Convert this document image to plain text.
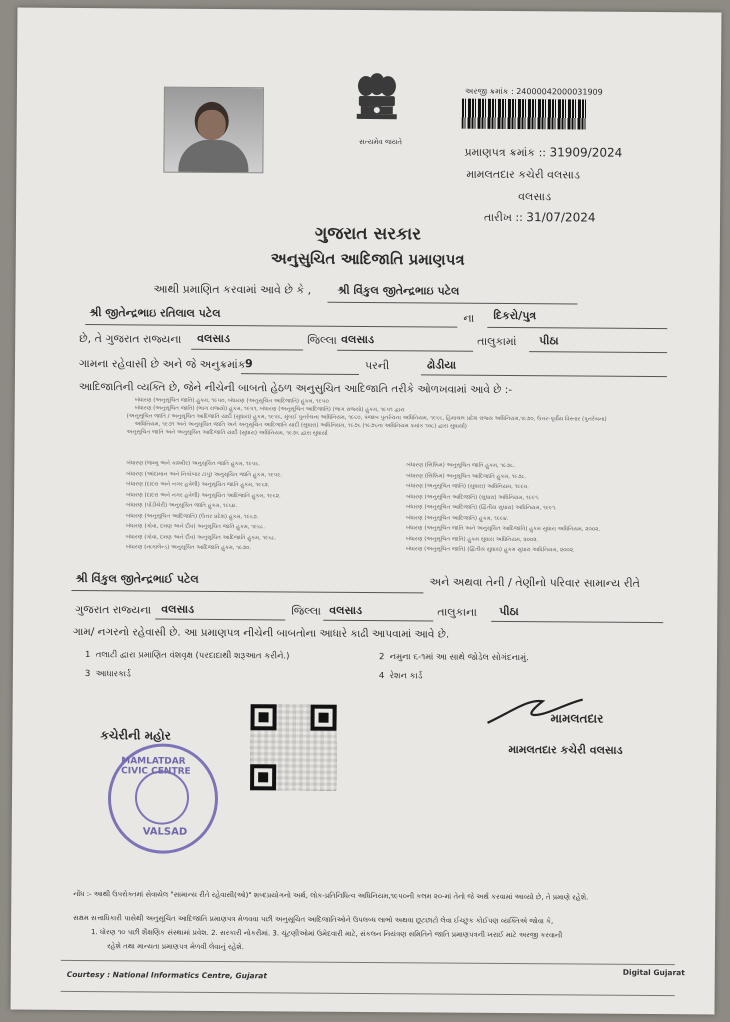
સત્યમેવ જયતે
અરજી ક્રમાંક : 24000042000031909
પ્રમાણપત્ર ક્રમાંક :: 31909/2024
મામલતદાર કચેરી વલસાડ
વલસાડ
તારીખ :: 31/07/2024
ગુજરાત સરકાર
અનુસુચિત આદિજાતિ પ્રમાણપત્ર
આથી પ્રમાણિત કરવામાં આવે છે કે , શ્રી વિંકુલ જીતેન્દ્રભાઇ પટેલ
શ્રી જીતેન્દ્રભાઇ રતિલાલ પટેલ	ના દિકરો/પુત્ર
છે, તે ગુજરાત રાજ્યના વલસાડ	જિલ્લા વલસાડ	તાલુકામાં પીઠા
ગામના રહેવાસી છે અને જે અનુક્રમાંક 9	પરની	ઢોડીયા
આદિજાતિની વ્યક્તિ છે, જેને નીચેની બાબતો હેઠળ અનુસુચિત આદિજાતિ તરીકે ઓળખવામાં આવે છે :-
બંધારણ (અનુસૂચિત જાતિ) હુકમ, ૧૯૫૦, બંધારણ (અનુસૂચિત આદિજાતિ) હુકમ, ૧૯૫૦
બંધારણ (અનુસૂચિત જાતિ) (ભાગ રાજ્યો) હુકમ, ૧૯૫૧, બંધારણ (અનુસૂચિત આદિજાતિ) (ભાગ રાજ્યો) હુકમ, ૧૯૫૧ દ્વારા
(અનુસૂચિત જાતિ / અનુસૂચિત આદિજાતિ યાદી (સુધારા) હુકમ, ૧૯૫૬, મુંબઈ પુનર્રચના અધિનિયમ, ૧૯૬૦, પંજાબ પુનર્રચના અધિનિયમ, ૧૯૬૬, હિમાચલ પ્રદેશ રાજ્ય અધિનિયમ,૧૯૭૦, ઉત્તર-પૂર્વીય વિસ્તાર (પુનર્રચના)
અધિનિયમ, ૧૯૭૧ અને અનુસૂચિત જાતિ અને અનુસૂચિત આદિજાતિ યાદી (સુધારા) અધિનિયમ, ૧૯૭૬ (૧૯૭૬ના અધિનિયમ ક્રમાંક ૧૦૮) દ્વારા સુધાર્યા)
અનુસૂચિત જાતિ અને અનુસૂચિત આદિજાતિ યાદી (સુધારા) અધિનિયમ, ૧૯૭૬ દ્વારા સુધાર્યા
બંધારણ (જમ્મુ અને કાશ્મીર) અનુસૂચિત જાતિ હુકમ, ૧૯૫૬.
બંધારણ (આંદામાન અને નિકોબાર ટાપુ) અનુસૂચિત જાતિ હુકમ, ૧૯૫૯.
બંધારણ (દાદરા અને નગર હવેલી) અનુસૂચિત જાતિ હુકમ, ૧૯૬૨.
બંધારણ (દાદરા અને નગર હવેલી) અનુસૂચિત આદિજાતિ હુકમ, ૧૯૬૨.
બંધારણ (પોંડીચેરી) અનુસૂચિત જાતિ હુકમ, ૧૯૬૪.
બંધારણ (અનુસૂચિત આદિજાતિ) (ઉત્તર પ્રદેશ) હુકમ, ૧૯૬૭.
બંધારણ (ગોવા, દમણ અને દીવ) અનુસૂચિત જાતિ હુકમ, ૧૯૬૮.
બંધારણ (ગોવા, દમણ અને દીવ) અનુસૂચિત આદિજાતિ હુકમ, ૧૯૬૮.
બંધારણ (નાગાલેન્ડ) અનુસૂચિત આદિજાતિ હુકમ, ૧૯૭૦.
બંધારણ (સિક્કિમ) અનુસૂચિત જાતિ હુકમ, ૧૯૭૮.
બંધારણ (સિક્કિમ) અનુસૂચિત આદિજાતિ હુકમ, ૧૯૭૮.
બંધારણ (અનુસૂચિત જાતિ) (સુધારા) અધિનિયમ, ૧૯૯૦.
બંધારણ (અનુસૂચિત આદિજાતિ) (સુધારા) અધિનિયમ, ૧૯૯૧.
બંધારણ (અનુસૂચિત આદિજાતિ) (દ્વિતીય સુધારા) અધિનિયમ, ૧૯૯૧.
બંધારણ (અનુસૂચિત આદિજાતિ) હુકમ, ૧૯૯૪.
બંધારણ (અનુસૂચિત જાતિ અને અનુસૂચિત આદિજાતિ) હુકમ સુધારા અધિનિયમ, ૨૦૦૨.
બંધારણ (અનુસૂચિત જાતિ) હુકમ સુધારા અધિનિયમ, ૨૦૦૨.
બંધારણ (અનુસૂચિત જાતિ) (દ્વિતીય સુધારા) હુકમ સુધારા અધિનિયમ, ૨૦૦૨.
શ્રી વિંકુલ જીતેન્દ્રભાઈ પટેલ	અને અથવા તેની / તેણીનો પરિવાર સામાન્ય રીતે
ગુજરાત રાજ્યના વલસાડ	જિલ્લા વલસાડ	તાલુકાના પીઠા
ગામ/ નગરનો રહેવાસી છે. આ પ્રમાણપત્ર નીચેની બાબતોના આધારે કાઢી આપવામાં આવે છે.
1 તલાટી દ્વારા પ્રમાણિત વંશવૃક્ષ (પરદાદાથી શરૂઆત કરીને.)	2 નમુના ૬-૧માં આ સાથે જોડેલ સોગંદનામું.
3 આધારકાર્ડ	4 રેશન કાર્ડ
કચેરીની મહોર
MAMLATDAR CIVIC CENTRE
VALSAD
મામલતદાર
મામલતદાર કચેરી વલસાડ
નોંધ :- આથી ઉપરોક્તમાં સેવાયેલ "સામાન્ય રીતે રહેવાસી(ઓ)" શબ્દપ્રયોગનો અર્થ, લોક-પ્રતિનિધિત્વ અધિનિયમ,૧૯૫૦ની કલમ ૨૦-માં તેનો જે અર્થ કરવામાં આવ્યો છે, તે પ્રમાણે રહેશે.
સક્ષમ સત્તાધિકારી પાસેથી અનુસૂચિત આદિજાતિ પ્રમાણપત્ર મેળવવા પછી અનુસૂચિત આદિજાતિઓને ઉપલબ્ધ લાભો અથવા છૂટછાટો લેવા ઈચ્છુક કોઈપણ વ્યક્તિએ જોવા કે,
1. ધોરણ ૧૦ પછી શૈક્ષણિક સંસ્થામાં પ્રવેશ. 2. સરકારી નોકરીમાં. 3. ચૂંટણીઓમાં ઉમેદવારી માટે, સંકલન નિયંત્રણ સમિતિને જાતિ પ્રમાણપત્રની ખરાઈ માટે અરજી કરવાની
રહેશે તથા માન્યતા પ્રમાણપત્ર મેળવી લેવાનું રહેશે.
Courtesy : National Informatics Centre, Gujarat	Digital Gujarat
